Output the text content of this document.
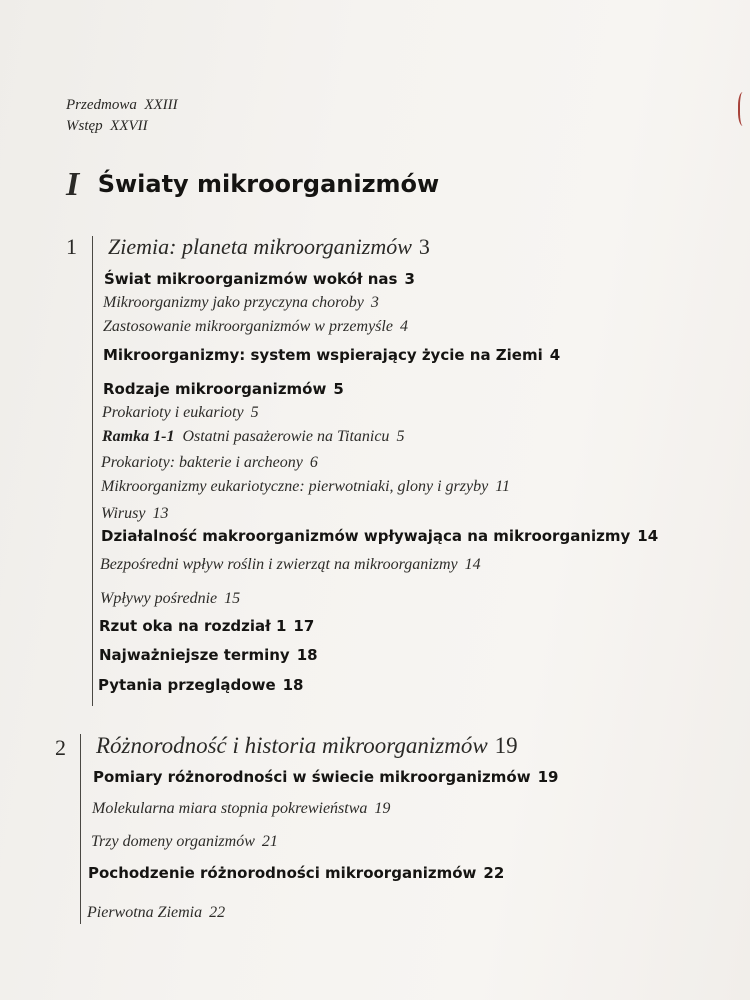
Przedmowa XXIII
Wstęp XXVII
I Światy mikroorganizmów
1 Ziemia: planeta mikroorganizmów 3
Świat mikroorganizmów wokół nas 3
Mikroorganizmy jako przyczyna choroby 3
Zastosowanie mikroorganizmów w przemyśle 4
Mikroorganizmy: system wspierający życie na Ziemi 4
Rodzaje mikroorganizmów 5
Prokarioty i eukarioty 5
Ramka 1-1 Ostatni pasażerowie na Titanicu 5
Prokarioty: bakterie i archeony 6
Mikroorganizmy eukariotyczne: pierwotniaki, glony i grzyby 11
Wirusy 13
Działalność makroorganizmów wpływająca na mikroorganizmy 14
Bezpośredni wpływ roślin i zwierząt na mikroorganizmy 14
Wpływy pośrednie 15
Rzut oka na rozdział 1 17
Najważniejsze terminy 18
Pytania przeglądowe 18
2 Różnorodność i historia mikroorganizmów 19
Pomiary różnorodności w świecie mikroorganizmów 19
Molekularna miara stopnia pokrewieństwa 19
Trzy domeny organizmów 21
Pochodzenie różnorodności mikroorganizmów 22
Pierwotna Ziemia 22
